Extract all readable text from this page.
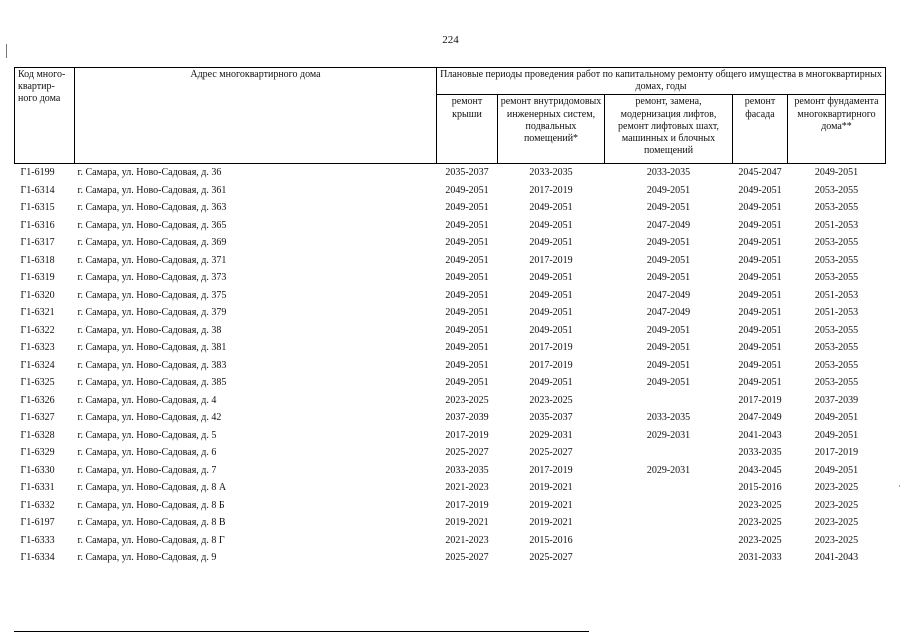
224
Код много-квартир-ного дома	Адрес многоквартирного дома	Плановые периоды проведения работ по капитальному ремонту общего имущества в многоквартирных домах, годы				
		ремонт крыши	ремонт внутридомовых инженерных систем, подвальных помещений*	ремонт, замена, модернизация лифтов, ремонт лифтовых шахт, машинных и блочных помещений	ремонт фасада	ремонт фундамента многоквартирного дома**
Г1-6199	г. Самара, ул. Ново-Садовая, д. 36	2035-2037	2033-2035	2033-2035	2045-2047	2049-2051
Г1-6314	г. Самара, ул. Ново-Садовая, д. 361	2049-2051	2017-2019	2049-2051	2049-2051	2053-2055
Г1-6315	г. Самара, ул. Ново-Садовая, д. 363	2049-2051	2049-2051	2049-2051	2049-2051	2053-2055
Г1-6316	г. Самара, ул. Ново-Садовая, д. 365	2049-2051	2049-2051	2047-2049	2049-2051	2051-2053
Г1-6317	г. Самара, ул. Ново-Садовая, д. 369	2049-2051	2049-2051	2049-2051	2049-2051	2053-2055
Г1-6318	г. Самара, ул. Ново-Садовая, д. 371	2049-2051	2017-2019	2049-2051	2049-2051	2053-2055
Г1-6319	г. Самара, ул. Ново-Садовая, д. 373	2049-2051	2049-2051	2049-2051	2049-2051	2053-2055
Г1-6320	г. Самара, ул. Ново-Садовая, д. 375	2049-2051	2049-2051	2047-2049	2049-2051	2051-2053
Г1-6321	г. Самара, ул. Ново-Садовая, д. 379	2049-2051	2049-2051	2047-2049	2049-2051	2051-2053
Г1-6322	г. Самара, ул. Ново-Садовая, д. 38	2049-2051	2049-2051	2049-2051	2049-2051	2053-2055
Г1-6323	г. Самара, ул. Ново-Садовая, д. 381	2049-2051	2017-2019	2049-2051	2049-2051	2053-2055
Г1-6324	г. Самара, ул. Ново-Садовая, д. 383	2049-2051	2017-2019	2049-2051	2049-2051	2053-2055
Г1-6325	г. Самара, ул. Ново-Садовая, д. 385	2049-2051	2049-2051	2049-2051	2049-2051	2053-2055
Г1-6326	г. Самара, ул. Ново-Садовая, д. 4	2023-2025	2023-2025		2017-2019	2037-2039
Г1-6327	г. Самара, ул. Ново-Садовая, д. 42	2037-2039	2035-2037	2033-2035	2047-2049	2049-2051
Г1-6328	г. Самара, ул. Ново-Садовая, д. 5	2017-2019	2029-2031	2029-2031	2041-2043	2049-2051
Г1-6329	г. Самара, ул. Ново-Садовая, д. 6	2025-2027	2025-2027		2033-2035	2017-2019
Г1-6330	г. Самара, ул. Ново-Садовая, д. 7	2033-2035	2017-2019	2029-2031	2043-2045	2049-2051
Г1-6331	г. Самара, ул. Ново-Садовая, д. 8 А	2021-2023	2019-2021		2015-2016	2023-2025
Г1-6332	г. Самара, ул. Ново-Садовая, д. 8 Б	2017-2019	2019-2021		2023-2025	2023-2025
Г1-6197	г. Самара, ул. Ново-Садовая, д. 8 В	2019-2021	2019-2021		2023-2025	2023-2025
Г1-6333	г. Самара, ул. Ново-Садовая, д. 8 Г	2021-2023	2015-2016		2023-2025	2023-2025
Г1-6334	г. Самара, ул. Ново-Садовая, д. 9	2025-2027	2025-2027		2031-2033	2041-2043
·
